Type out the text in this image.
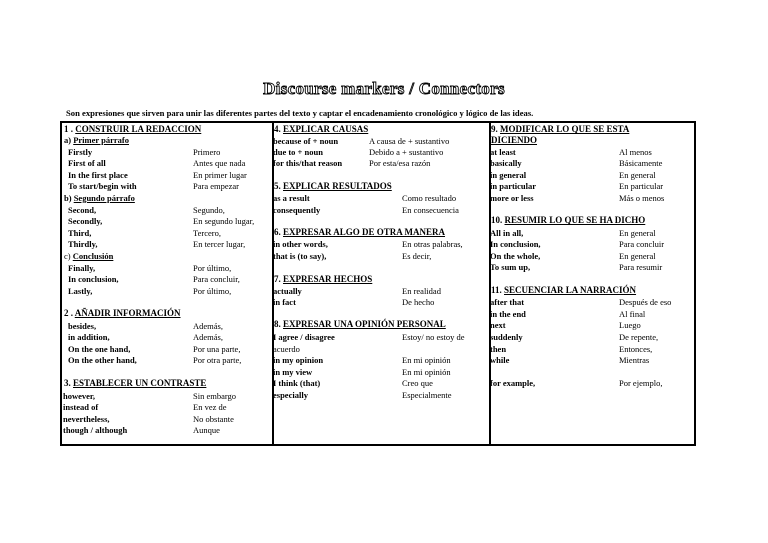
Discourse markers / Connectors
Son expresiones que sirven para unir las diferentes partes del texto y captar el encadenamiento cronológico y lógico de las ideas.
1 . CONSTRUIR LA REDACCION
a) Primer párrafo
Firstly	Primero
First of all	Antes que nada
In the first place	En primer lugar
To start/begin with	Para empezar
b) Segundo párrafo
Second,	Segundo,
Secondly,	En segundo lugar,
Third,	Tercero,
Thirdly,	En tercer lugar,
c) Conclusión
Finally,	Por último,
In conclusion,	Para concluir,
Lastly,	Por último,
2 . AÑADIR INFORMACIÓN
besides,	Además,
in addition,	Además,
On the one hand,	Por una parte,
On the other hand,	Por otra parte,
3. ESTABLECER UN CONTRASTE
however,	Sin embargo
instead of	En vez de
nevertheless,	No obstante
though / although	Aunque
4. EXPLICAR CAUSAS
because of + noun	A causa de + sustantivo
due to + noun	Debido a + sustantivo
for this/that reason	Por esta/esa razón
5. EXPLICAR RESULTADOS
as a result	Como resultado
consequently	En consecuencia
6. EXPRESAR ALGO DE OTRA MANERA
in other words,	En otras palabras,
that is (to say),	Es decir,
7. EXPRESAR HECHOS
actually	En realidad
in fact	De hecho
8. EXPRESAR UNA OPINIÓN PERSONAL
I agree / disagree	Estoy/ no estoy de
acuerdo
in my opinion	En mi opinión
in my view	En mi opinión
I think (that)	Creo que
especially	Especialmente
9. MODIFICAR LO QUE SE ESTA
DICIENDO
at least	Al menos
basically	Básicamente
in general	En general
in particular	En particular
more or less	Más o menos
10. RESUMIR LO QUE SE HA DICHO
All in all,	En general
In conclusion,	Para concluir
On the whole,	En general
To sum up,	Para resumir
11. SECUENCIAR LA NARRACIÓN
after that	Después de eso
in the end	Al final
next	Luego
suddenly	De repente,
then	Entonces,
while	Mientras
for example,	Por ejemplo,
